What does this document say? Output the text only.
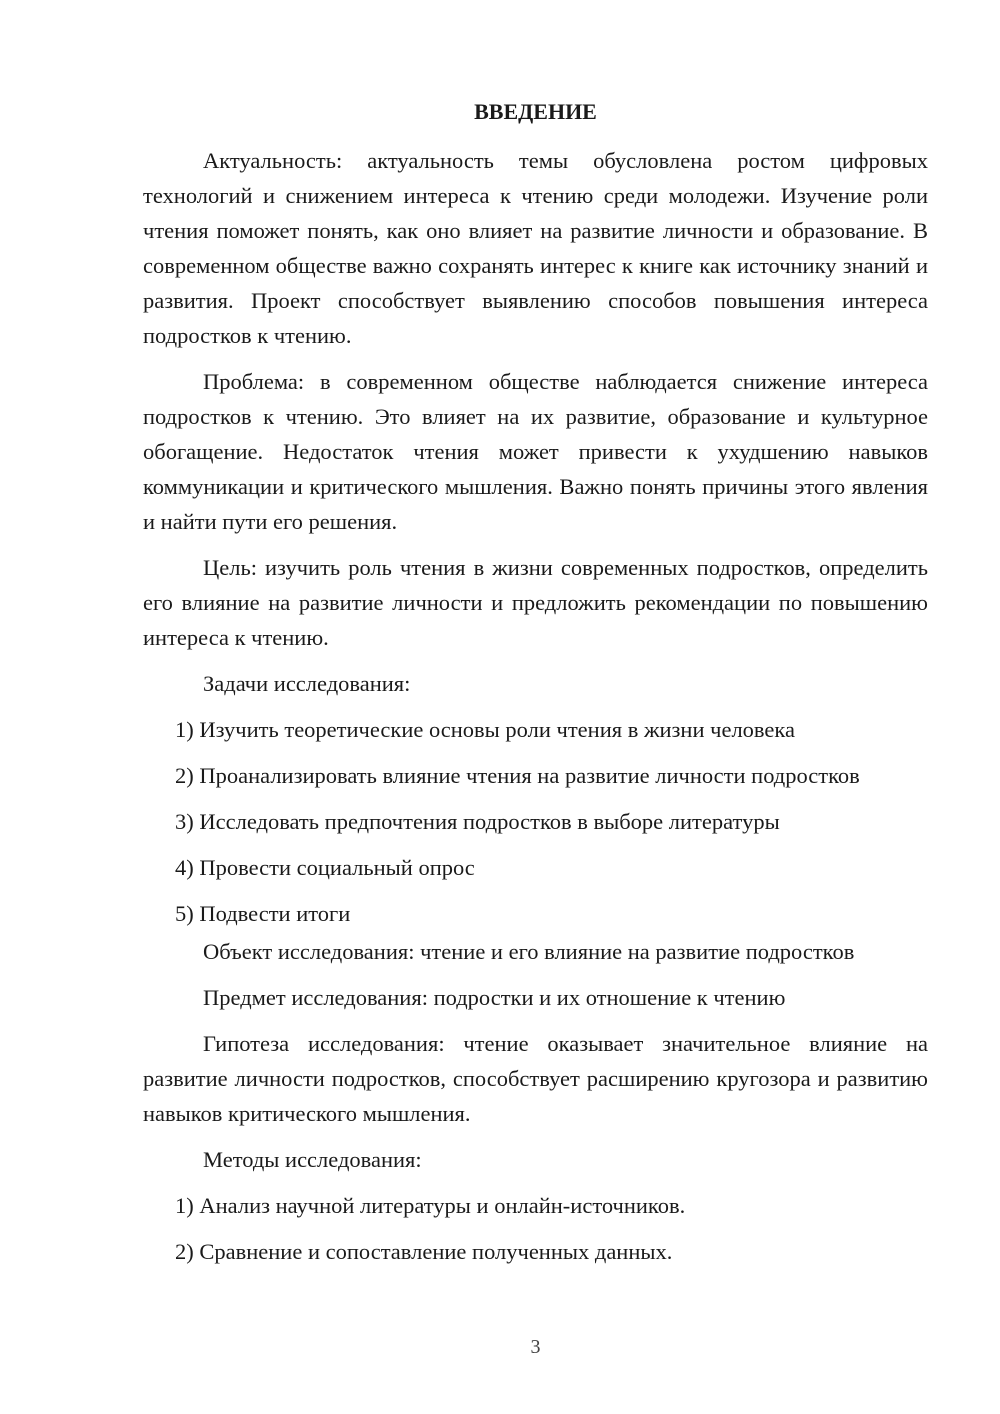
ВВЕДЕНИЕ

Актуальность: актуальность темы обусловлена ростом цифровых технологий и снижением интереса к чтению среди молодежи. Изучение роли чтения поможет понять, как оно влияет на развитие личности и образование. В современном обществе важно сохранять интерес к книге как источнику знаний и развития. Проект способствует выявлению способов повышения интереса подростков к чтению.

Проблема: в современном обществе наблюдается снижение интереса подростков к чтению. Это влияет на их развитие, образование и культурное обогащение. Недостаток чтения может привести к ухудшению навыков коммуникации и критического мышления. Важно понять причины этого явления и найти пути его решения.

Цель: изучить роль чтения в жизни современных подростков, определить его влияние на развитие личности и предложить рекомендации по повышению интереса к чтению.

Задачи исследования:

1) Изучить теоретические основы роли чтения в жизни человека

2) Проанализировать влияние чтения на развитие личности подростков

3) Исследовать предпочтения подростков в выборе литературы

4) Провести социальный опрос

5) Подвести итоги

Объект исследования: чтение и его влияние на развитие подростков

Предмет исследования: подростки и их отношение к чтению

Гипотеза исследования: чтение оказывает значительное влияние на развитие личности подростков, способствует расширению кругозора и развитию навыков критического мышления.

Методы исследования:

1) Анализ научной литературы и онлайн-источников.

2) Сравнение и сопоставление полученных данных.

3
